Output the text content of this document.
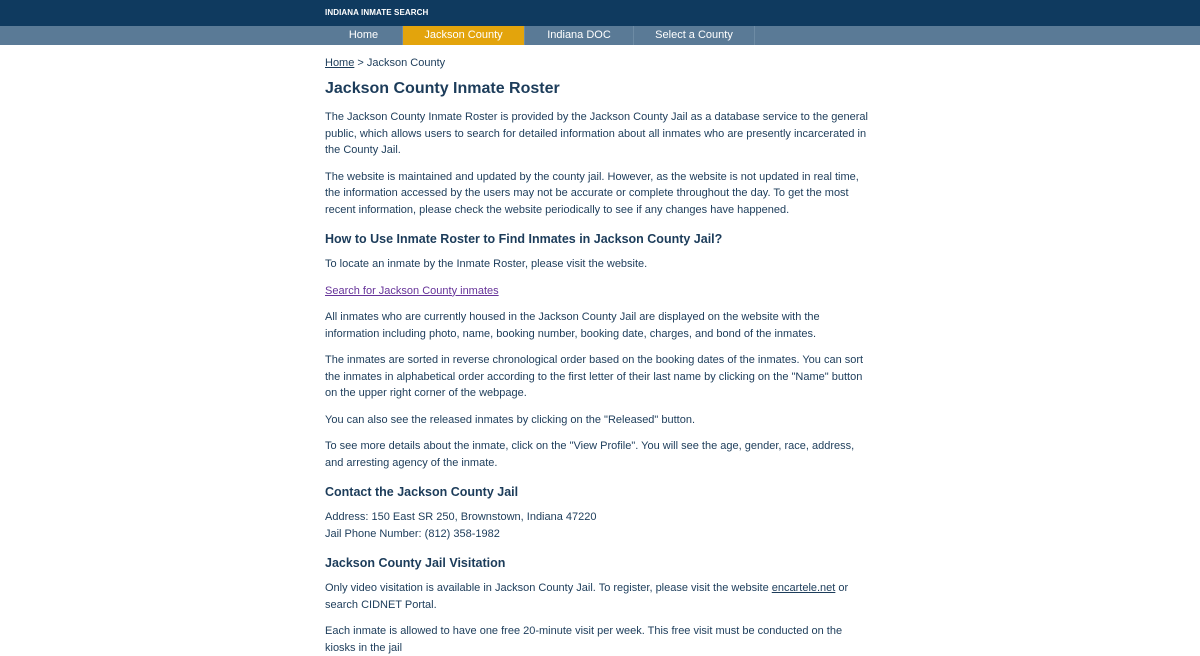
INDIANA INMATE SEARCH
Home	Jackson County	Indiana DOC	Select a County
Home > Jackson County
Jackson County Inmate Roster

The Jackson County Inmate Roster is provided by the Jackson County Jail as a database service to the general public, which allows users to search for detailed information about all inmates who are presently incarcerated in the County Jail.

The website is maintained and updated by the county jail. However, as the website is not updated in real time, the information accessed by the users may not be accurate or complete throughout the day. To get the most recent information, please check the website periodically to see if any changes have happened.

How to Use Inmate Roster to Find Inmates in Jackson County Jail?

To locate an inmate by the Inmate Roster, please visit the website.

Search for Jackson County inmates

All inmates who are currently housed in the Jackson County Jail are displayed on the website with the information including photo, name, booking number, booking date, charges, and bond of the inmates.

The inmates are sorted in reverse chronological order based on the booking dates of the inmates. You can sort the inmates in alphabetical order according to the first letter of their last name by clicking on the "Name" button on the upper right corner of the webpage.

You can also see the released inmates by clicking on the "Released" button.

To see more details about the inmate, click on the "View Profile". You will see the age, gender, race, address, and arresting agency of the inmate.

Contact the Jackson County Jail

Address: 150 East SR 250, Brownstown, Indiana 47220
Jail Phone Number: (812) 358-1982

Jackson County Jail Visitation

Only video visitation is available in Jackson County Jail. To register, please visit the website encartele.net or search CIDNET Portal.

Each inmate is allowed to have one free 20-minute visit per week. This free visit must be conducted on the kiosks in the jail
